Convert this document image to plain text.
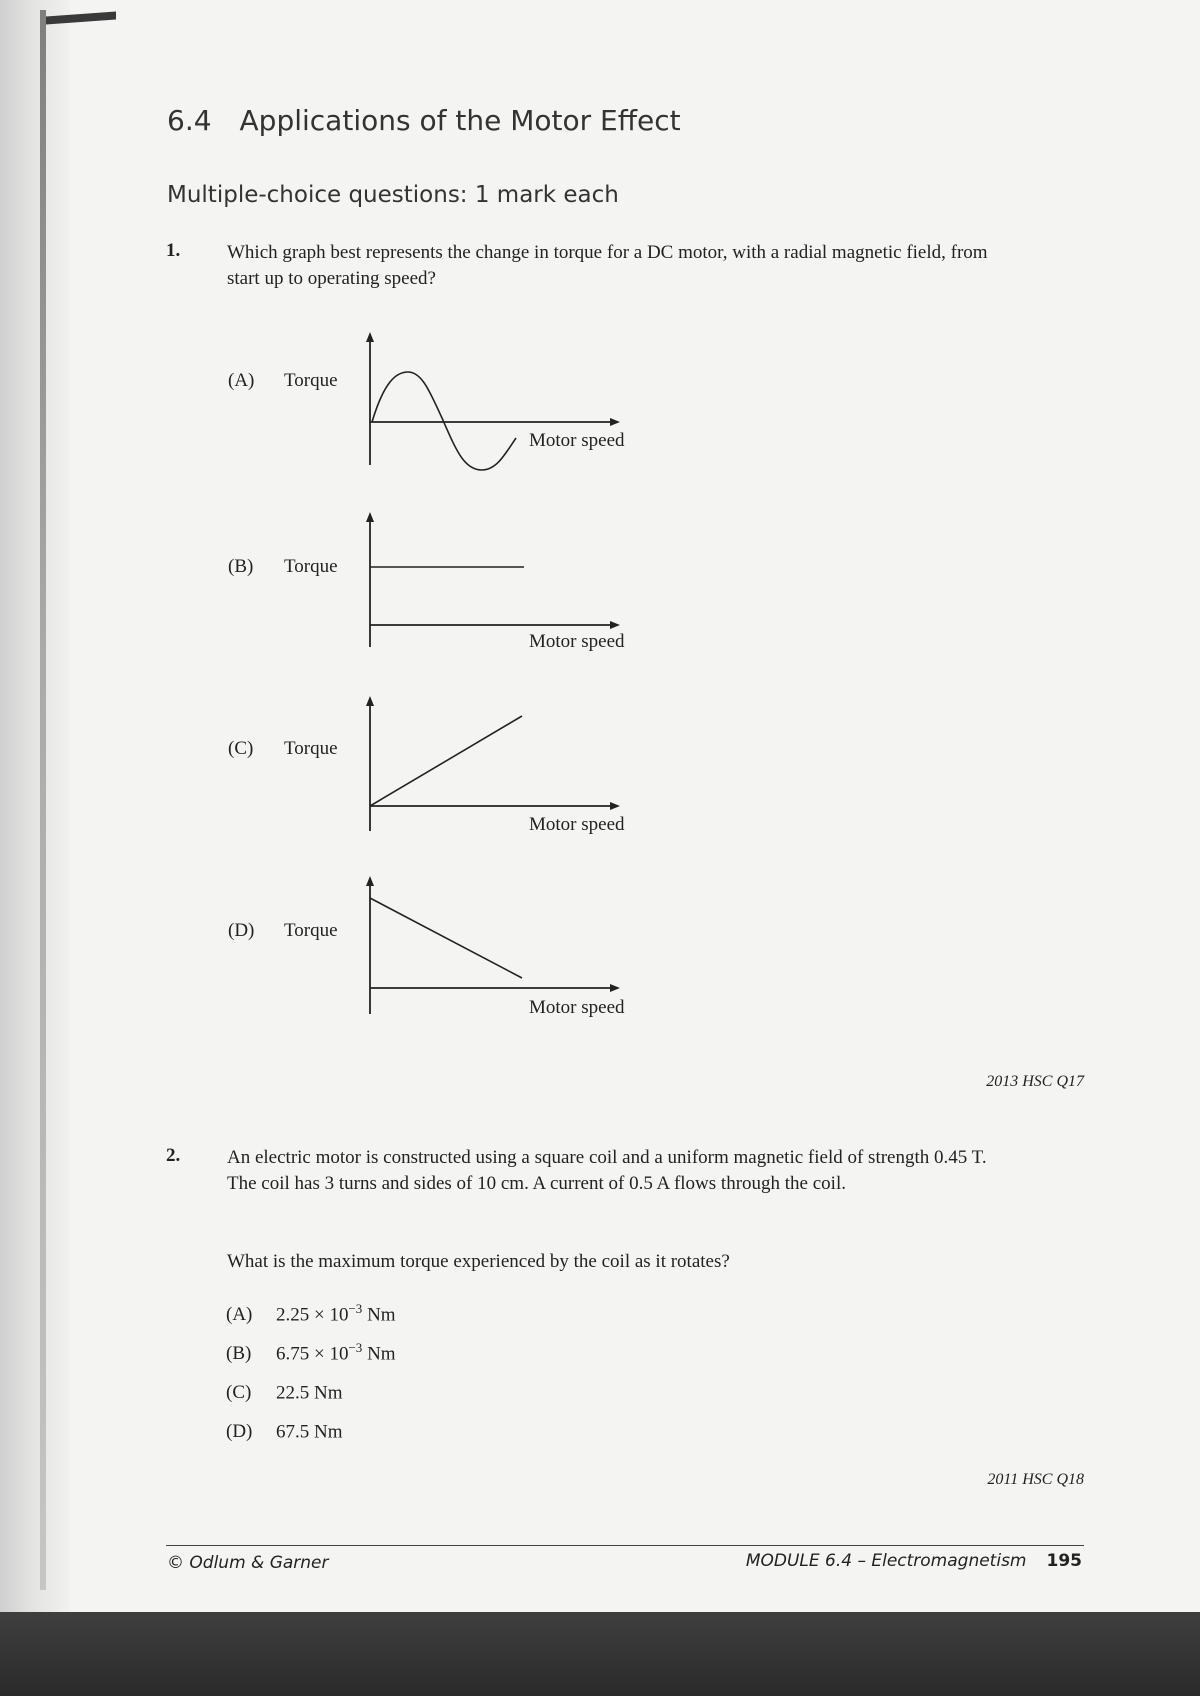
6.4 Applications of the Motor Effect
Multiple-choice questions: 1 mark each
1. Which graph best represents the change in torque for a DC motor, with a radial magnetic field, from start up to operating speed?
(A) Torque
Motor speed
(B) Torque
Motor speed
(C) Torque
Motor speed
(D) Torque
Motor speed
2013 HSC Q17
2. An electric motor is constructed using a square coil and a uniform magnetic field of strength 0.45 T. The coil has 3 turns and sides of 10 cm. A current of 0.5 A flows through the coil.
What is the maximum torque experienced by the coil as it rotates?
(A) $2.25 \times 10^{-3}$ Nm
(B) $6.75 \times 10^{-3}$ Nm
(C) 22.5 Nm
(D) 67.5 Nm
2011 HSC Q18
© Odlum & Garner	MODULE 6.4 – Electromagnetism 195
